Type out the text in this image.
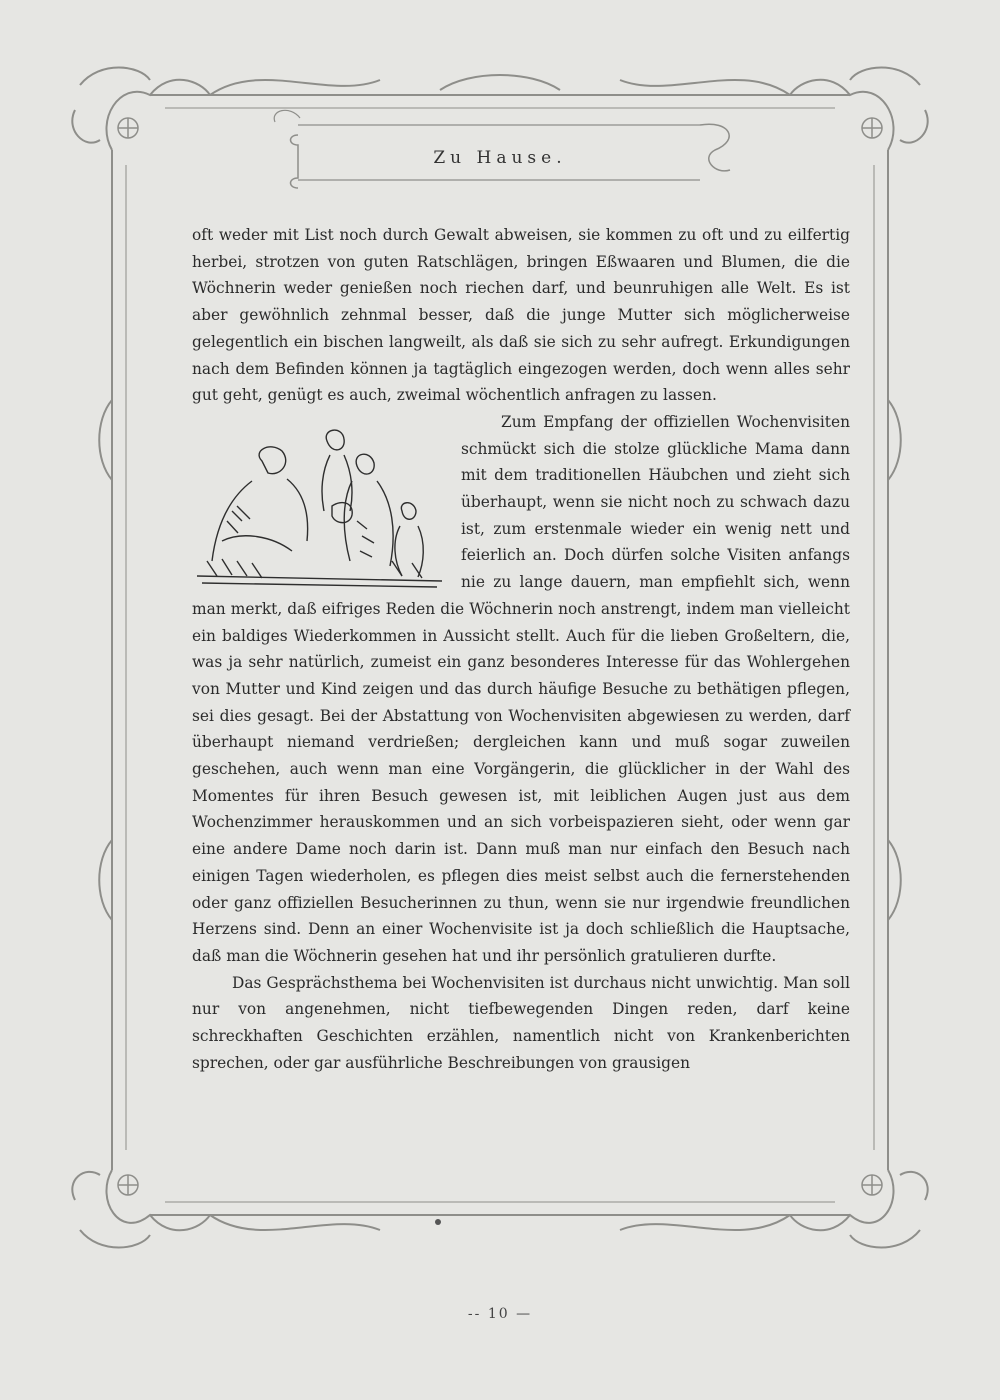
Zu Hause.

oft weder mit List noch durch Gewalt abweisen, sie kommen zu oft und zu eilfertig herbei, strotzen von guten Ratschlägen, bringen Eßwaaren und Blumen, die die Wöchnerin weder genießen noch riechen darf, und beunruhigen alle Welt. Es ist aber gewöhnlich zehnmal besser, daß die junge Mutter sich möglicherweise gelegentlich ein bischen langweilt, als daß sie sich zu sehr aufregt. Erkundigungen nach dem Befinden können ja tagtäglich eingezogen werden, doch wenn alles sehr gut geht, genügt es auch, zweimal wöchentlich anfragen zu lassen.

Zum Empfang der offiziellen Wochenvisiten schmückt sich die stolze glückliche Mama dann mit dem traditionellen Häubchen und zieht sich überhaupt, wenn sie nicht noch zu schwach dazu ist, zum erstenmale wieder ein wenig nett und feierlich an. Doch dürfen solche Visiten anfangs nie zu lange dauern, man empfiehlt sich, wenn man merkt, daß eifriges Reden die Wöchnerin noch anstrengt, indem man vielleicht ein baldiges Wiederkommen in Aussicht stellt. Auch für die lieben Großeltern, die, was ja sehr natürlich, zumeist ein ganz besonderes Interesse für das Wohlergehen von Mutter und Kind zeigen und das durch häufige Besuche zu bethätigen pflegen, sei dies gesagt. Bei der Abstattung von Wochenvisiten abgewiesen zu werden, darf überhaupt niemand verdrießen; dergleichen kann und muß sogar zuweilen geschehen, auch wenn man eine Vorgängerin, die glücklicher in der Wahl des Momentes für ihren Besuch gewesen ist, mit leiblichen Augen just aus dem Wochenzimmer herauskommen und an sich vorbeispazieren sieht, oder wenn gar eine andere Dame noch darin ist. Dann muß man nur einfach den Besuch nach einigen Tagen wiederholen, es pflegen dies meist selbst auch die fernerstehenden oder ganz offiziellen Besucherinnen zu thun, wenn sie nur irgendwie freundlichen Herzens sind. Denn an einer Wochenvisite ist ja doch schließlich die Hauptsache, daß man die Wöchnerin gesehen hat und ihr persönlich gratulieren durfte.

Das Gesprächsthema bei Wochenvisiten ist durchaus nicht unwichtig. Man soll nur von angenehmen, nicht tiefbewegenden Dingen reden, darf keine schreckhaften Geschichten erzählen, namentlich nicht von Krankenberichten sprechen, oder gar ausführliche Beschreibungen von grausigen

-- 10 —
